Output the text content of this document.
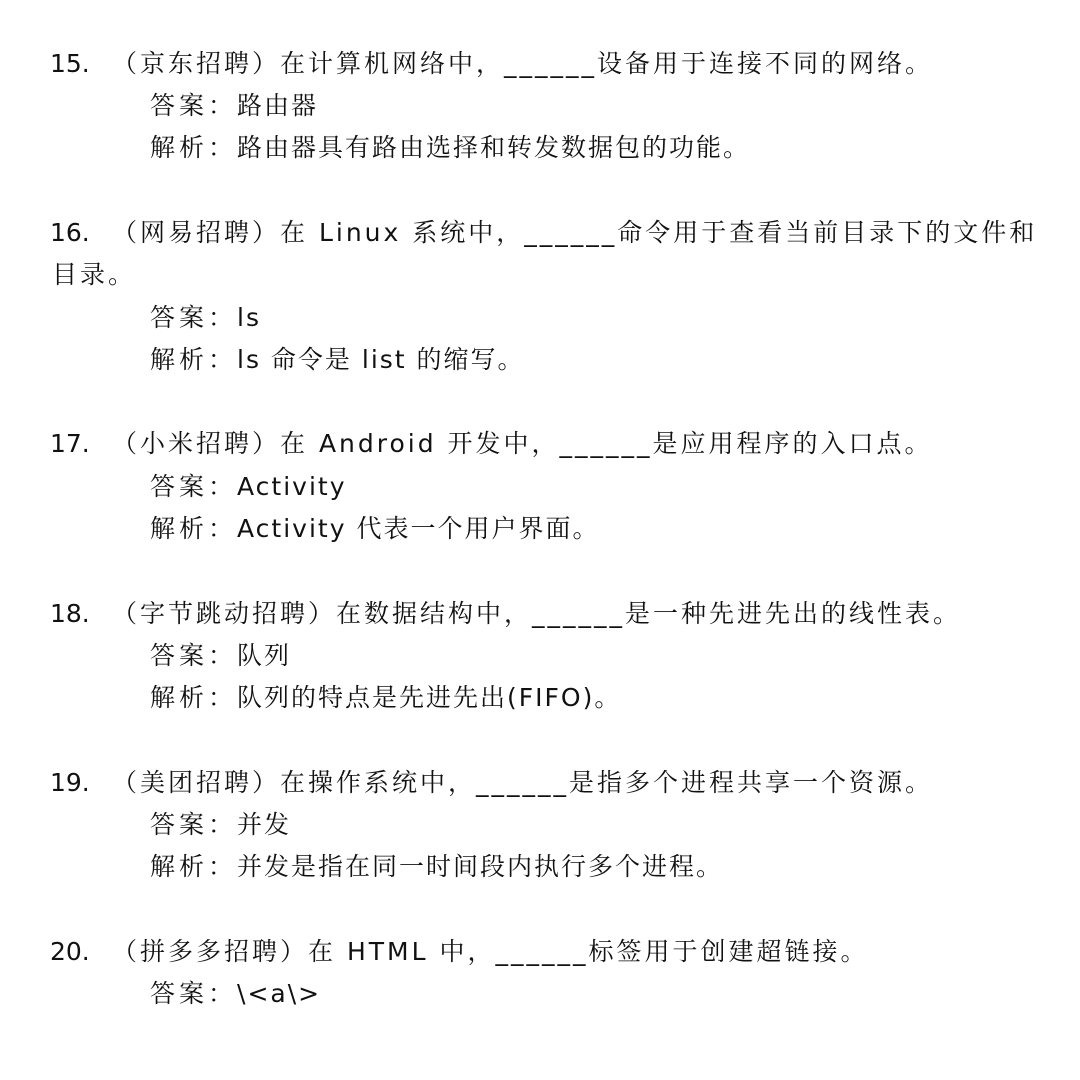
15. （京东招聘）在计算机网络中，______设备用于连接不同的网络。
答案：路由器
解析：路由器具有路由选择和转发数据包的功能。
16. （网易招聘）在 Linux 系统中，______命令用于查看当前目录下的文件和
目录。
答案：ls
解析：ls 命令是 list 的缩写。
17. （小米招聘）在 Android 开发中，______是应用程序的入口点。
答案：Activity
解析：Activity 代表一个用户界面。
18. （字节跳动招聘）在数据结构中，______是一种先进先出的线性表。
答案：队列
解析：队列的特点是先进先出(FIFO)。
19. （美团招聘）在操作系统中，______是指多个进程共享一个资源。
答案：并发
解析：并发是指在同一时间段内执行多个进程。
20. （拼多多招聘）在 HTML 中，______标签用于创建超链接。
答案：\<a\>
